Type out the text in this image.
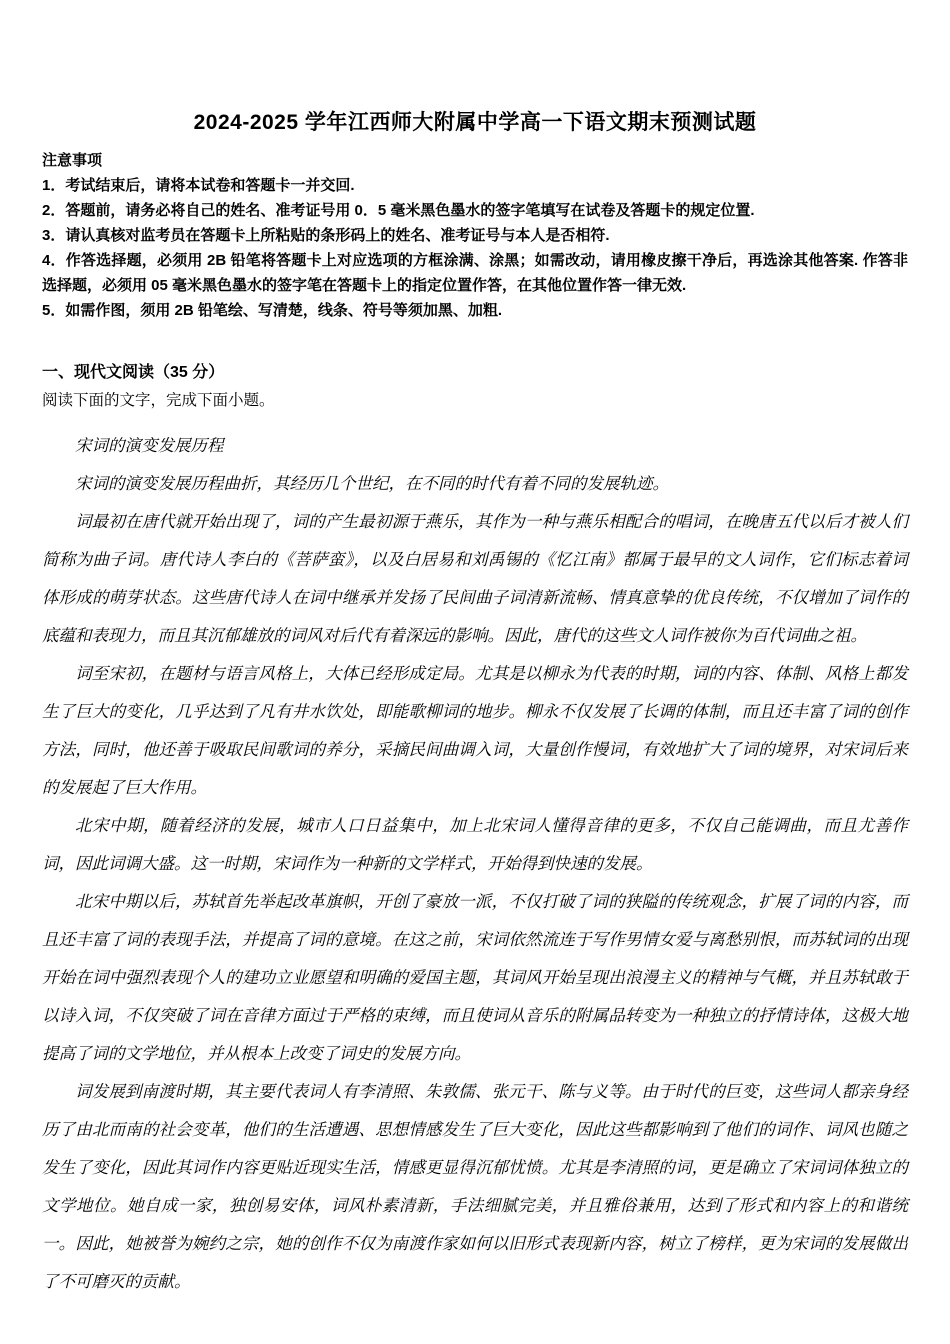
2024-2025 学年江西师大附属中学高一下语文期末预测试题
注意事项
1．考试结束后，请将本试卷和答题卡一并交回.
2．答题前，请务必将自己的姓名、准考证号用 0．5 毫米黑色墨水的签字笔填写在试卷及答题卡的规定位置.
3．请认真核对监考员在答题卡上所粘贴的条形码上的姓名、准考证号与本人是否相符.
4．作答选择题，必须用 2B 铅笔将答题卡上对应选项的方框涂满、涂黑；如需改动，请用橡皮擦干净后，再选涂其他答案. 作答非选择题，必须用 05 毫米黑色墨水的签字笔在答题卡上的指定位置作答，在其他位置作答一律无效.
5．如需作图，须用 2B 铅笔绘、写清楚，线条、符号等须加黑、加粗.
一、现代文阅读（35 分）
阅读下面的文字，完成下面小题。

宋词的演变发展历程

宋词的演变发展历程曲折，其经历几个世纪，在不同的时代有着不同的发展轨迹。

词最初在唐代就开始出现了，词的产生最初源于燕乐，其作为一种与燕乐相配合的唱词，在晚唐五代以后才被人们简称为曲子词。唐代诗人李白的《菩萨蛮》，以及白居易和刘禹锡的《忆江南》都属于最早的文人词作，它们标志着词体形成的萌芽状态。这些唐代诗人在词中继承并发扬了民间曲子词清新流畅、情真意挚的优良传统，不仅增加了词作的底蕴和表现力，而且其沉郁雄放的词风对后代有着深远的影响。因此，唐代的这些文人词作被你为百代词曲之祖。

词至宋初，在题材与语言风格上，大体已经形成定局。尤其是以柳永为代表的时期，词的内容、体制、风格上都发生了巨大的变化，几乎达到了凡有井水饮处，即能歌柳词的地步。柳永不仅发展了长调的体制，而且还丰富了词的创作方法，同时，他还善于吸取民间歌词的养分，采摘民间曲调入词，大量创作慢词，有效地扩大了词的境界，对宋词后来的发展起了巨大作用。

北宋中期，随着经济的发展，城市人口日益集中，加上北宋词人懂得音律的更多，不仅自己能调曲，而且尤善作词，因此词调大盛。这一时期，宋词作为一种新的文学样式，开始得到快速的发展。

北宋中期以后，苏轼首先举起改革旗帜，开创了豪放一派，不仅打破了词的狭隘的传统观念，扩展了词的内容，而且还丰富了词的表现手法，并提高了词的意境。在这之前，宋词依然流连于写作男情女爱与离愁别恨，而苏轼词的出现开始在词中强烈表现个人的建功立业愿望和明确的爱国主题，其词风开始呈现出浪漫主义的精神与气概，并且苏轼敢于以诗入词，不仅突破了词在音律方面过于严格的束缚，而且使词从音乐的附属品转变为一种独立的抒情诗体，这极大地提高了词的文学地位，并从根本上改变了词史的发展方向。

词发展到南渡时期，其主要代表词人有李清照、朱敦儒、张元干、陈与义等。由于时代的巨变，这些词人都亲身经历了由北而南的社会变革，他们的生活遭遇、思想情感发生了巨大变化，因此这些都影响到了他们的词作、词风也随之发生了变化，因此其词作内容更贴近现实生活，情感更显得沉郁忧愤。尤其是李清照的词，更是确立了宋词词体独立的文学地位。她自成一家，独创易安体，词风朴素清新，手法细腻完美，并且雅俗兼用，达到了形式和内容上的和谐统一。因此，她被誉为婉约之宗，她的创作不仅为南渡作家如何以旧形式表现新内容，树立了榜样，更为宋词的发展做出了不可磨灭的贡献。
